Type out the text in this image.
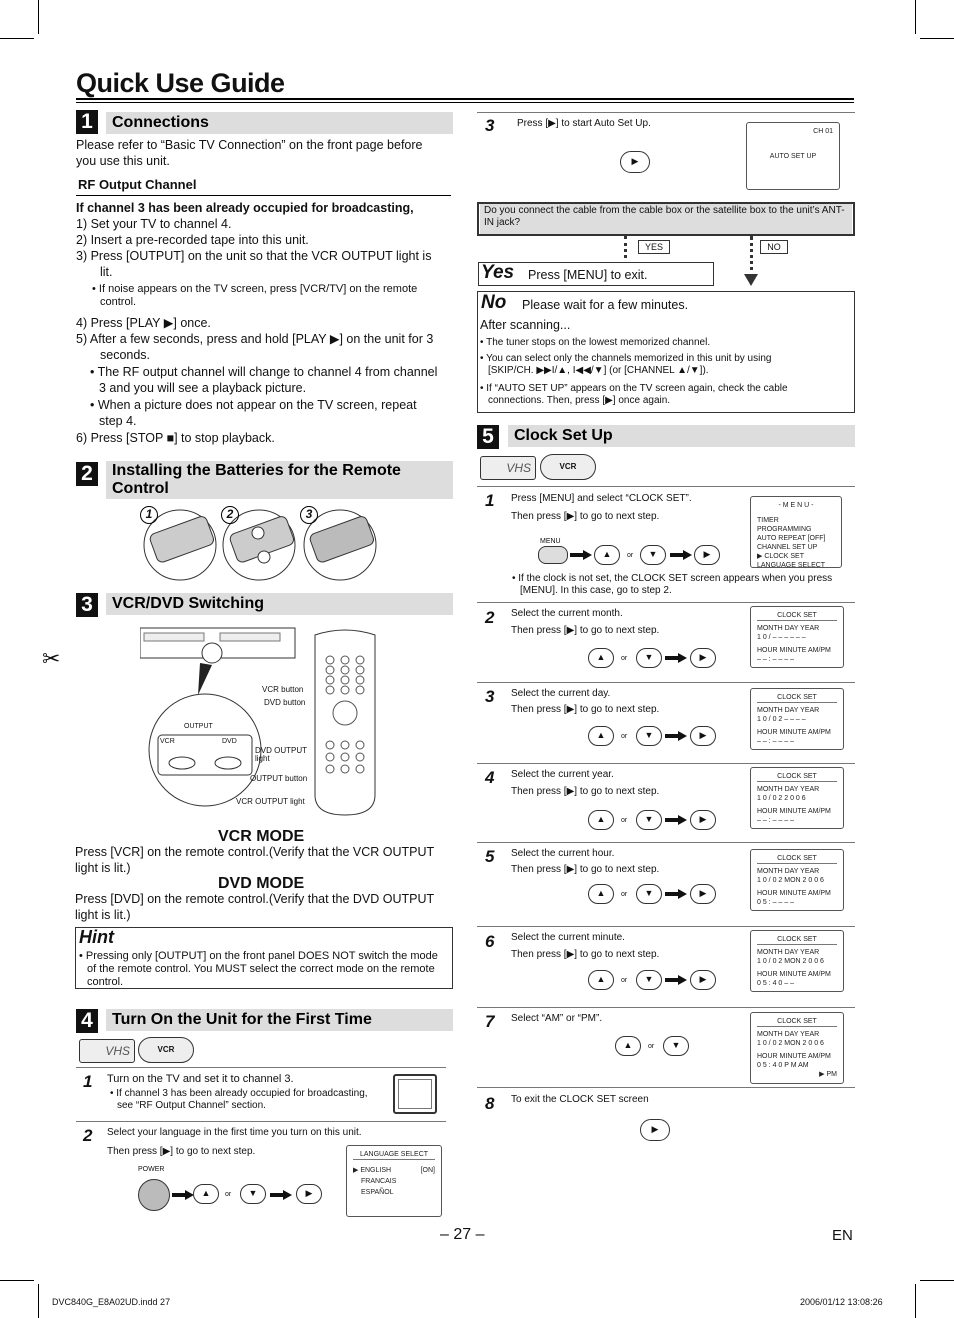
✂
Quick Use Guide
1	Connections
Please refer to “Basic TV Connection” on the front page before you use this unit.
RF Output Channel
If channel 3 has been already occupied for broadcasting,
1) Set your TV to channel 4.
2) Insert a pre-recorded tape into this unit.
3) Press [OUTPUT] on the unit so that the VCR OUTPUT light is lit.
• If noise appears on the TV screen, press [VCR/TV] on the remote control.
4) Press [PLAY ▶] once.
5) After a few seconds, press and hold [PLAY ▶] on the unit for 3 seconds.
• The RF output channel will change to channel 4 from channel 3 and you will see a playback picture.
• When a picture does not appear on the TV screen, repeat step 4.
6) Press [STOP ■] to stop playback.
2	Installing the Batteries for the Remote Control
1	2	3
3	VCR/DVD Switching
VCR button
DVD button
DVD OUTPUT light
OUTPUT button
VCR OUTPUT light
OUTPUT
VCR	DVD
VCR MODE
Press [VCR] on the remote control.(Verify that the VCR OUTPUT light is lit.)
DVD MODE
Press [DVD] on the remote control.(Verify that the DVD OUTPUT light is lit.)
Hint
• Pressing only [OUTPUT] on the front panel DOES NOT switch the mode of the remote control. You MUST select the correct mode on the remote control.
4	Turn On the Unit for the First Time
VHS	VCR
1 Turn on the TV and set it to channel 3.
• If channel 3 has been already occupied for broadcasting, see “RF Output Channel” section.
2 Select your language in the first time you turn on this unit.
Then press [▶] to go to next step.
POWER
▲	or	▼	▶
LANGUAGE SELECT
▶ ENGLISH	[ON]
FRANCAIS
ESPAÑOL
3 Press [▶] to start Auto Set Up.
▶
CH 01
AUTO SET UP
Do you connect the cable from the cable box or the satellite box to the unit’s ANT-IN jack?
YES	NO
Yes Press [MENU] to exit.
No Please wait for a few minutes.
After scanning...
• The tuner stops on the lowest memorized channel.
• You can select only the channels memorized in this unit by using [SKIP/CH. ▶▶I/▲, I◀◀/▼] (or [CHANNEL ▲/▼]).
• If “AUTO SET UP” appears on the TV screen again, check the cable connections. Then, press [▶] once again.
5	Clock Set Up
VHS	VCR
1 Press [MENU] and select “CLOCK SET”.
Then press [▶] to go to next step.
MENU
▲	or	▼	▶
- M E N U -
TIMER PROGRAMMING
AUTO REPEAT [OFF]
CHANNEL SET UP
▶ CLOCK SET
LANGUAGE SELECT
• If the clock is not set, the CLOCK SET screen appears when you press [MENU]. In this case, go to step 2.
2 Select the current month.
Then press [▶] to go to next step.
▲	or	▼	▶
CLOCK SET
MONTH DAY YEAR
1 0 / – – – – – –
HOUR MINUTE AM/PM
– – : – – – –
3 Select the current day.
Then press [▶] to go to next step.
▲	or	▼	▶
CLOCK SET
MONTH DAY YEAR
1 0 / 0 2 – – – –
HOUR MINUTE AM/PM
– – : – – – –
4 Select the current year.
Then press [▶] to go to next step.
▲	or	▼	▶
CLOCK SET
MONTH DAY YEAR
1 0 / 0 2 2 0 0 6
HOUR MINUTE AM/PM
– – : – – – –
5 Select the current hour.
Then press [▶] to go to next step.
▲	or	▼	▶
CLOCK SET
MONTH DAY YEAR
1 0 / 0 2 MON 2 0 0 6
HOUR MINUTE AM/PM
0 5 : – – – –
6 Select the current minute.
Then press [▶] to go to next step.
▲	or	▼	▶
CLOCK SET
MONTH DAY YEAR
1 0 / 0 2 MON 2 0 0 6
HOUR MINUTE AM/PM
0 5 : 4 0 – –
7 Select “AM” or “PM”.
▲	or	▼
CLOCK SET
MONTH DAY YEAR
1 0 / 0 2 MON 2 0 0 6
HOUR MINUTE AM/PM
0 5 : 4 0 P M AM
▶ PM
8 To exit the CLOCK SET screen
▶
– 27 –	EN
DVC840G_E8A02UD.indd 27	2006/01/12 13:08:26
